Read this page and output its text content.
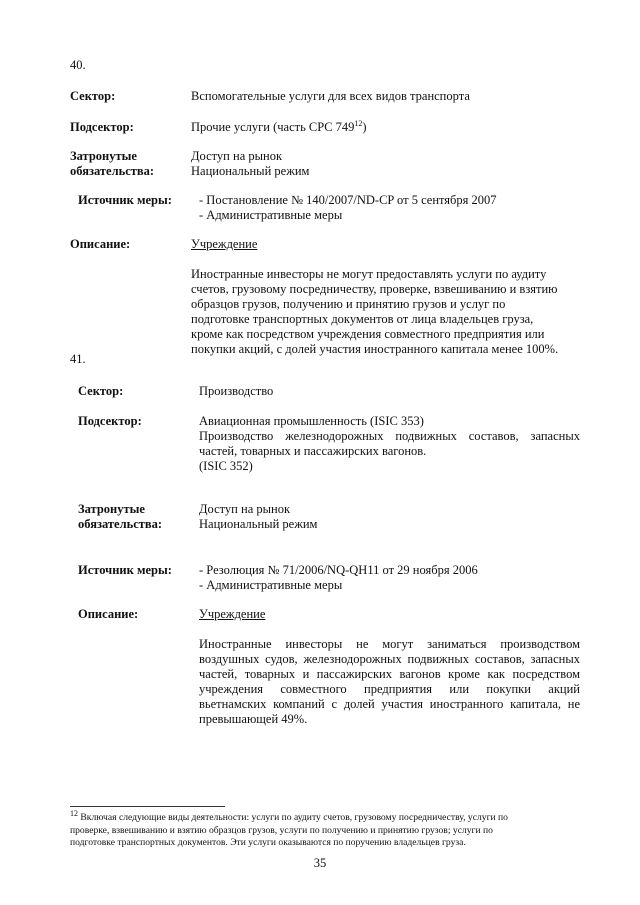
40.
Сектор:	Вспомогательные услуги для всех видов транспорта
Подсектор:	Прочие услуги (часть CPC $749^{12}$)
Затронутые
обязательства:
Доступ на рынок
Национальный режим
Источник меры: - Постановление № 140/2007/ND-CP от 5 сентября 2007
- Административные меры
Описание:	Учреждение
Иностранные инвесторы не могут предоставлять услуги по аудиту
счетов, грузовому посредничеству, проверке, взвешиванию и взятию
образцов грузов, получению и принятию грузов и услуг по
подготовке транспортных документов от лица владельцев груза,
кроме как посредством учреждения совместного предприятия или
покупки акций, с долей участия иностранного капитала менее 100%.
41.
Сектор:	Производство
Подсектор:	Авиационная промышленность (ISIC 353)
Производство железнодорожных подвижных составов, запасных
частей, товарных и пассажирских вагонов.
(ISIC 352)
Затронутые
обязательства:
Доступ на рынок
Национальный режим
Источник меры: - Резолюция № 71/2006/NQ-QH11 от 29 ноября 2006
- Административные меры
Описание:	Учреждение
Иностранные инвесторы не могут заниматься производством
воздушных судов, железнодорожных подвижных составов, запасных
частей, товарных и пассажирских вагонов кроме как посредством
учреждения совместного предприятия или покупки акций
вьетнамских компаний с долей участия иностранного капитала, не
превышающей 49%.
$^{12}$ Включая следующие виды деятельности: услуги по аудиту счетов, грузовому посредничеству, услуги по
проверке, взвешиванию и взятию образцов грузов, услуги по получению и принятию грузов; услуги по
подготовке транспортных документов. Эти услуги оказываются по поручению владельцев груза.
35
